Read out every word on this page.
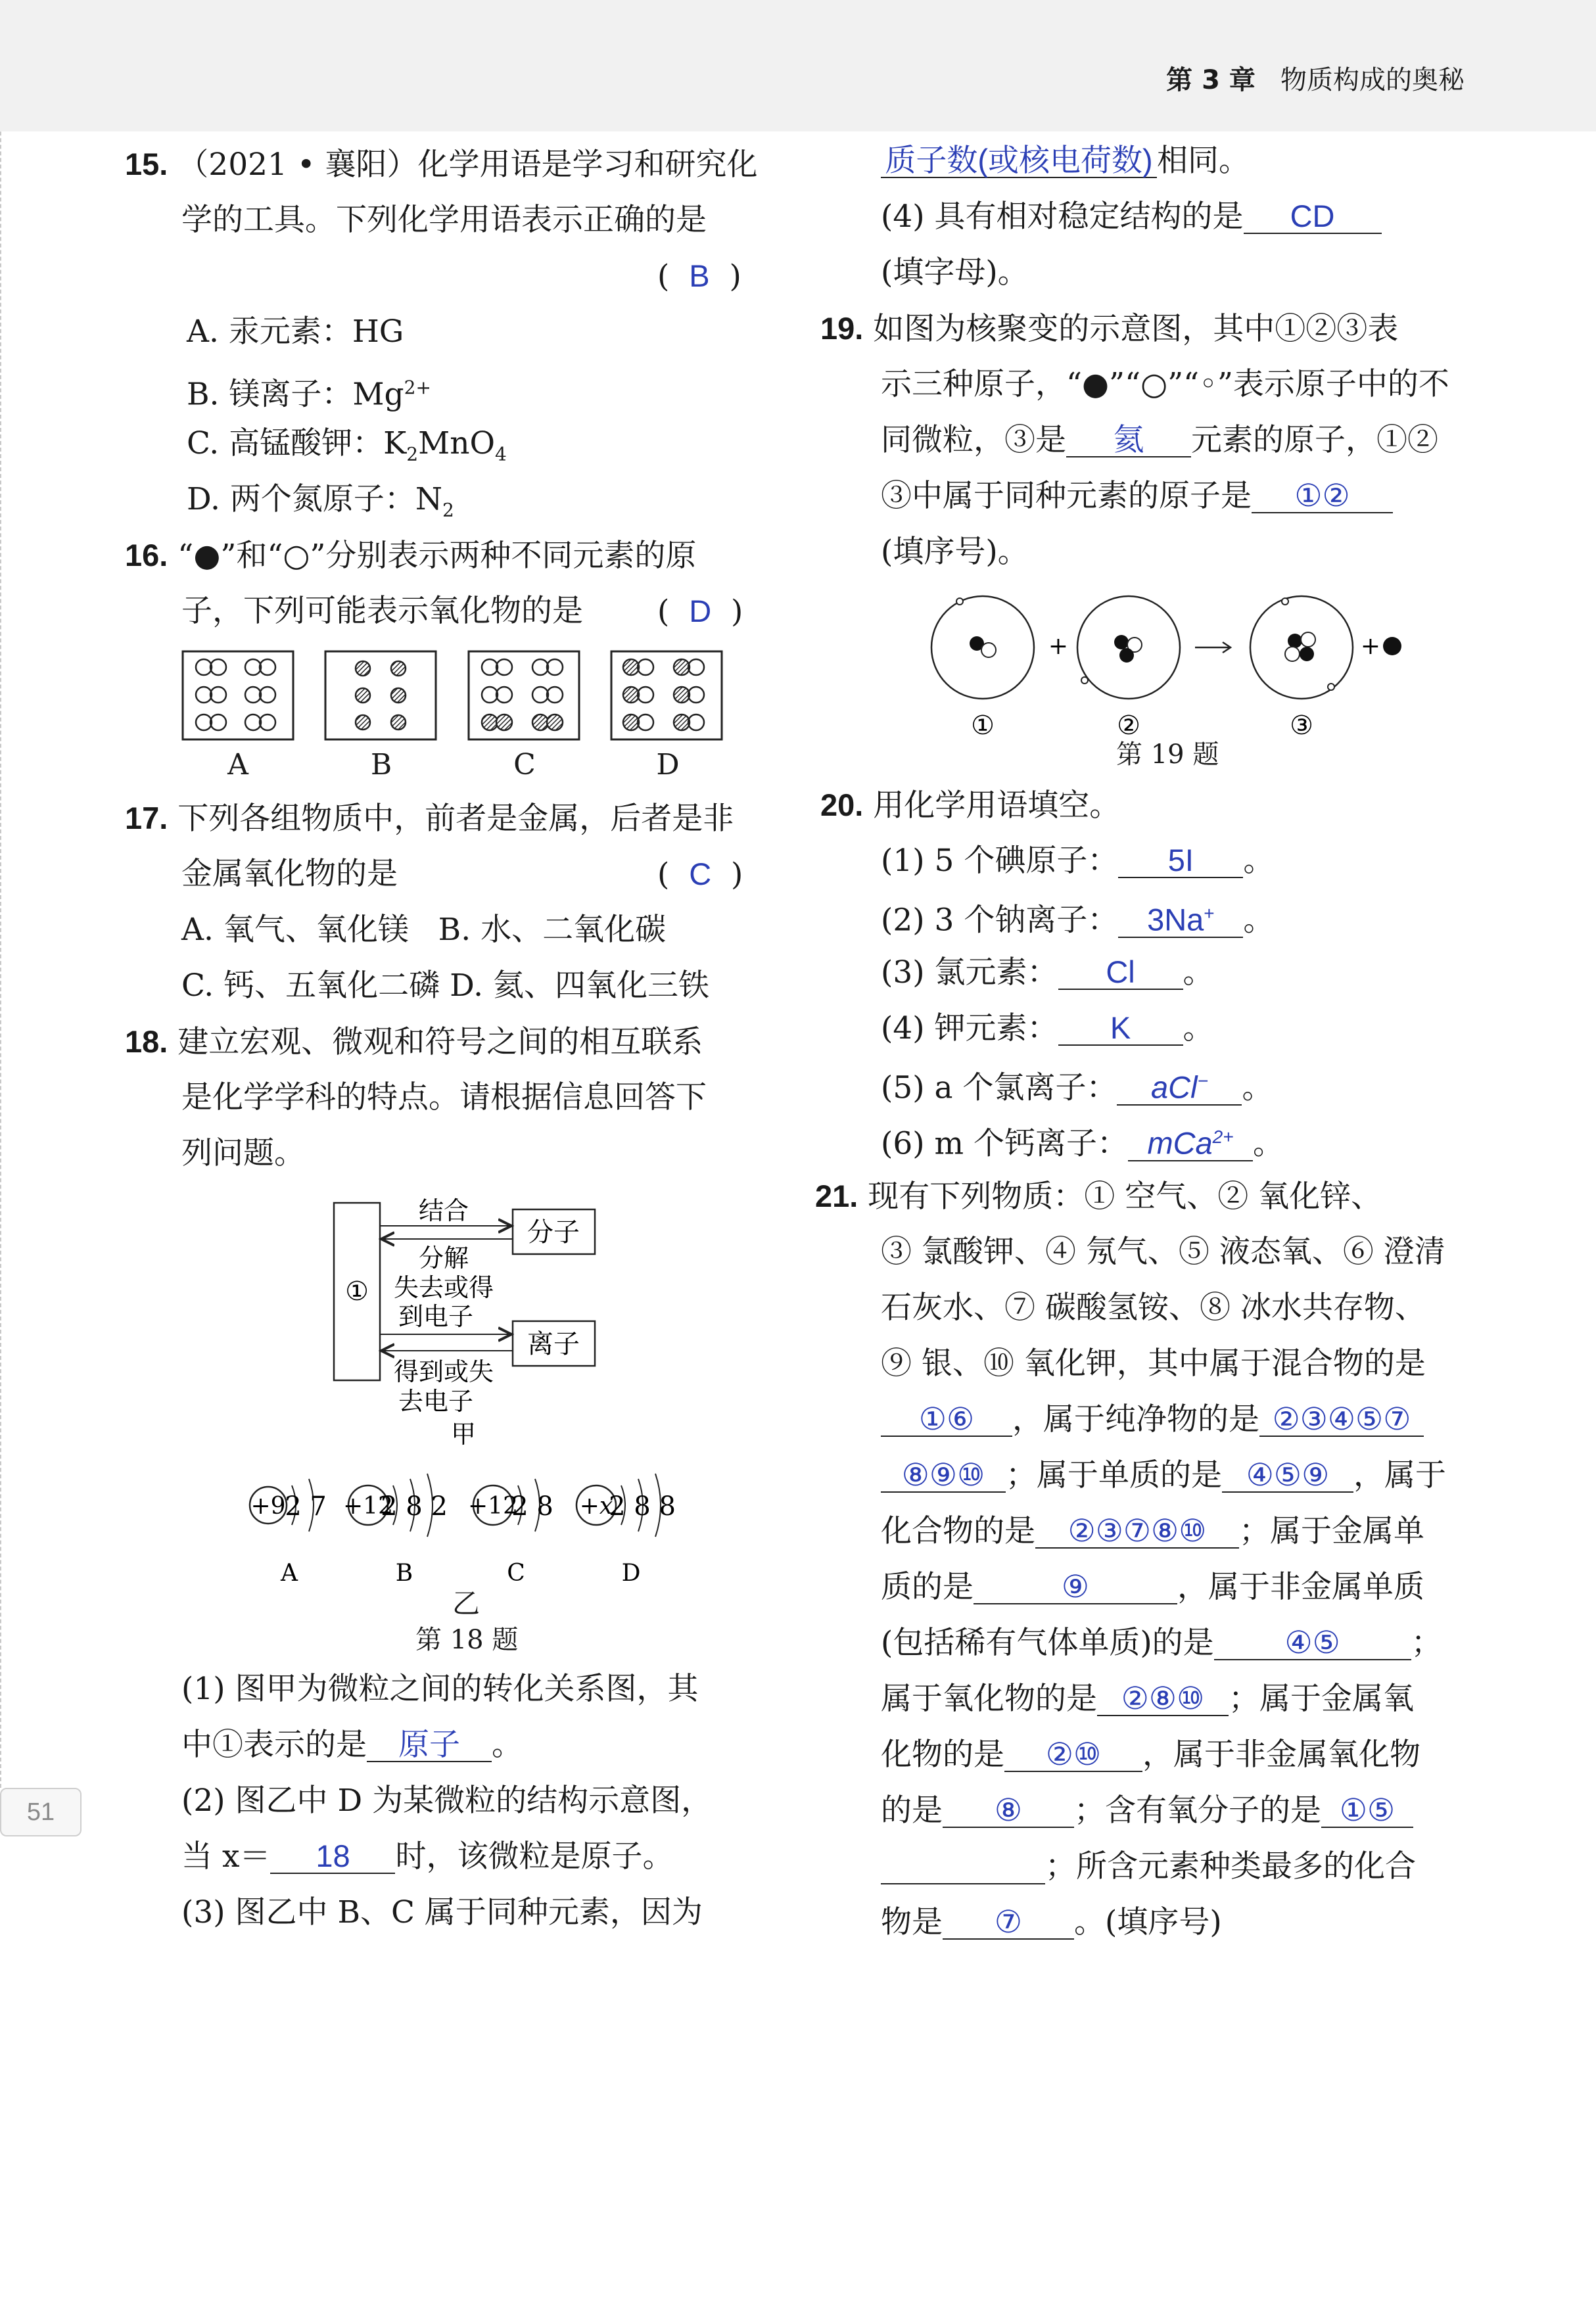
第 3 章 物质构成的奥秘
15. （2021 • 襄阳）化学用语是学习和研究化
学的工具。下列化学用语表示正确的是
(  B  )
A. 汞元素：HG
B. 镁离子：$Mg^{2+}$
C. 高锰酸钾：$K_2MnO_4$
D. 两个氮原子：$N_2$
16. “●”和“○”分别表示两种不同元素的原
子，下列可能表示氧化物的是 (  D  )
A	B	C	D
17. 下列各组物质中，前者是金属，后者是非
金属氧化物的是	(  C  )
A. 氧气、氧化镁 B. 水、二氧化碳
C. 钙、五氧化二磷 D. 氦、四氧化三铁
18. 建立宏观、微观和符号之间的相互联系
是化学学科的特点。请根据信息回答下
列问题。
①
分子
离子
结合
分解
失去或得
到电子
得到或失
去电子
甲
+9
2 7
A
+12
2 8 2
B
+12
2 8
C
+x
2 8 8
D
乙
第 18 题
(1) 图甲为微粒之间的转化关系图，其
中①表示的是 原子 。
(2) 图乙中 D 为某微粒的结构示意图，
当 x＝ 18 时，该微粒是原子。
(3) 图乙中 B、C 属于同种元素，因为
质子数(或核电荷数) 相同。
(4) 具有相对稳定结构的是 CD
(填字母)。
19. 如图为核聚变的示意图，其中①②③表
示三种原子，“●”“○”“◦”表示原子中的不
同微粒，③是 氦 元素的原子，①②
③中属于同种元素的原子是 ①②
(填序号)。
+	+
①	②	③
第 19 题
20. 用化学用语填空。
(1) 5 个碘原子： 5I 。
(2) 3 个钠离子： 3Na+ 。
(3) 氯元素： Cl 。
(4) 钾元素： K 。
(5) a 个氯离子： aCl− 。
(6) m 个钙离子： mCa$^{2+}$ 。
21. 现有下列物质：① 空气、② 氧化锌、
③ 氯酸钾、④ 氖气、⑤ 液态氧、⑥ 澄清
石灰水、⑦ 碳酸氢铵、⑧ 冰水共存物、
⑨ 银、⑩ 氧化钾，其中属于混合物的是
①⑥ ，属于纯净物的是 ②③④⑤⑦
⑧⑨⑩ ；属于单质的是 ④⑤⑨ ，属于
化合物的是 ②③⑦⑧⑩ ；属于金属单
质的是	⑨	，属于非金属单质
(包括稀有气体单质)的是 ④⑤ ；
属于氧化物的是 ②⑧⑩ ；属于金属氧
化物的是 ②⑩ ，属于非金属氧化物
的是 ⑧ ；含有氧分子的是 ①⑤
；所含元素种类最多的化合
物是 ⑦ 。(填序号)
51
